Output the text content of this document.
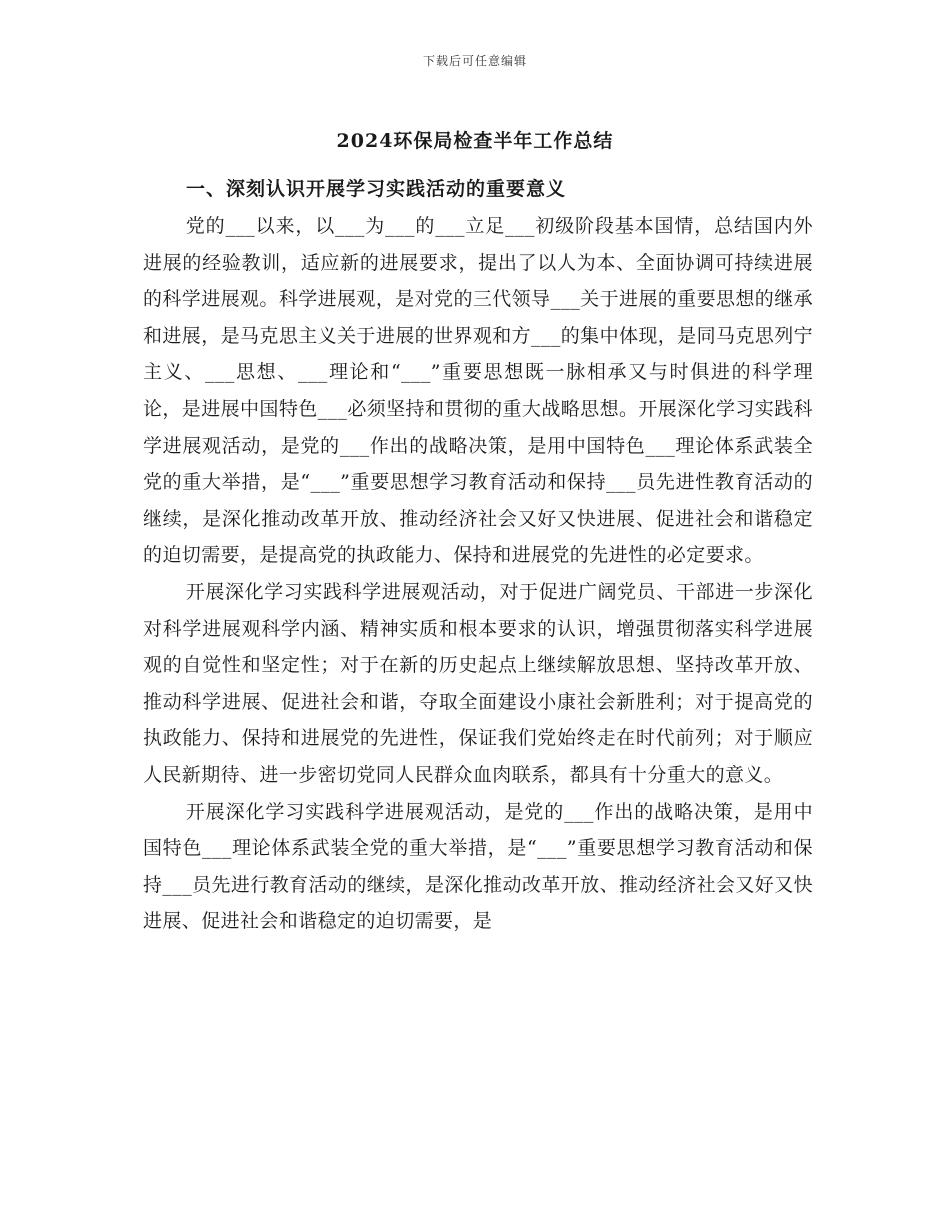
下载后可任意编辑
2024环保局检查半年工作总结
一、深刻认识开展学习实践活动的重要意义

党的___以来，以___为___的___立足___初级阶段基本国情，总结国内外进展的经验教训，适应新的进展要求，提出了以人为本、全面协调可持续进展的科学进展观。科学进展观，是对党的三代领导___关于进展的重要思想的继承和进展，是马克思主义关于进展的世界观和方___的集中体现，是同马克思列宁主义、___思想、___理论和“___”重要思想既一脉相承又与时俱进的科学理论，是进展中国特色___必须坚持和贯彻的重大战略思想。开展深化学习实践科学进展观活动，是党的___作出的战略决策，是用中国特色___理论体系武装全党的重大举措，是“___”重要思想学习教育活动和保持___员先进性教育活动的继续，是深化推动改革开放、推动经济社会又好又快进展、促进社会和谐稳定的迫切需要，是提高党的执政能力、保持和进展党的先进性的必定要求。

开展深化学习实践科学进展观活动，对于促进广阔党员、干部进一步深化对科学进展观科学内涵、精神实质和根本要求的认识，增强贯彻落实科学进展观的自觉性和坚定性；对于在新的历史起点上继续解放思想、坚持改革开放、推动科学进展、促进社会和谐，夺取全面建设小康社会新胜利；对于提高党的执政能力、保持和进展党的先进性，保证我们党始终走在时代前列；对于顺应人民新期待、进一步密切党同人民群众血肉联系，都具有十分重大的意义。

开展深化学习实践科学进展观活动，是党的___作出的战略决策，是用中国特色___理论体系武装全党的重大举措，是“___”重要思想学习教育活动和保持___员先进行教育活动的继续，是深化推动改革开放、推动经济社会又好又快进展、促进社会和谐稳定的迫切需要，是
